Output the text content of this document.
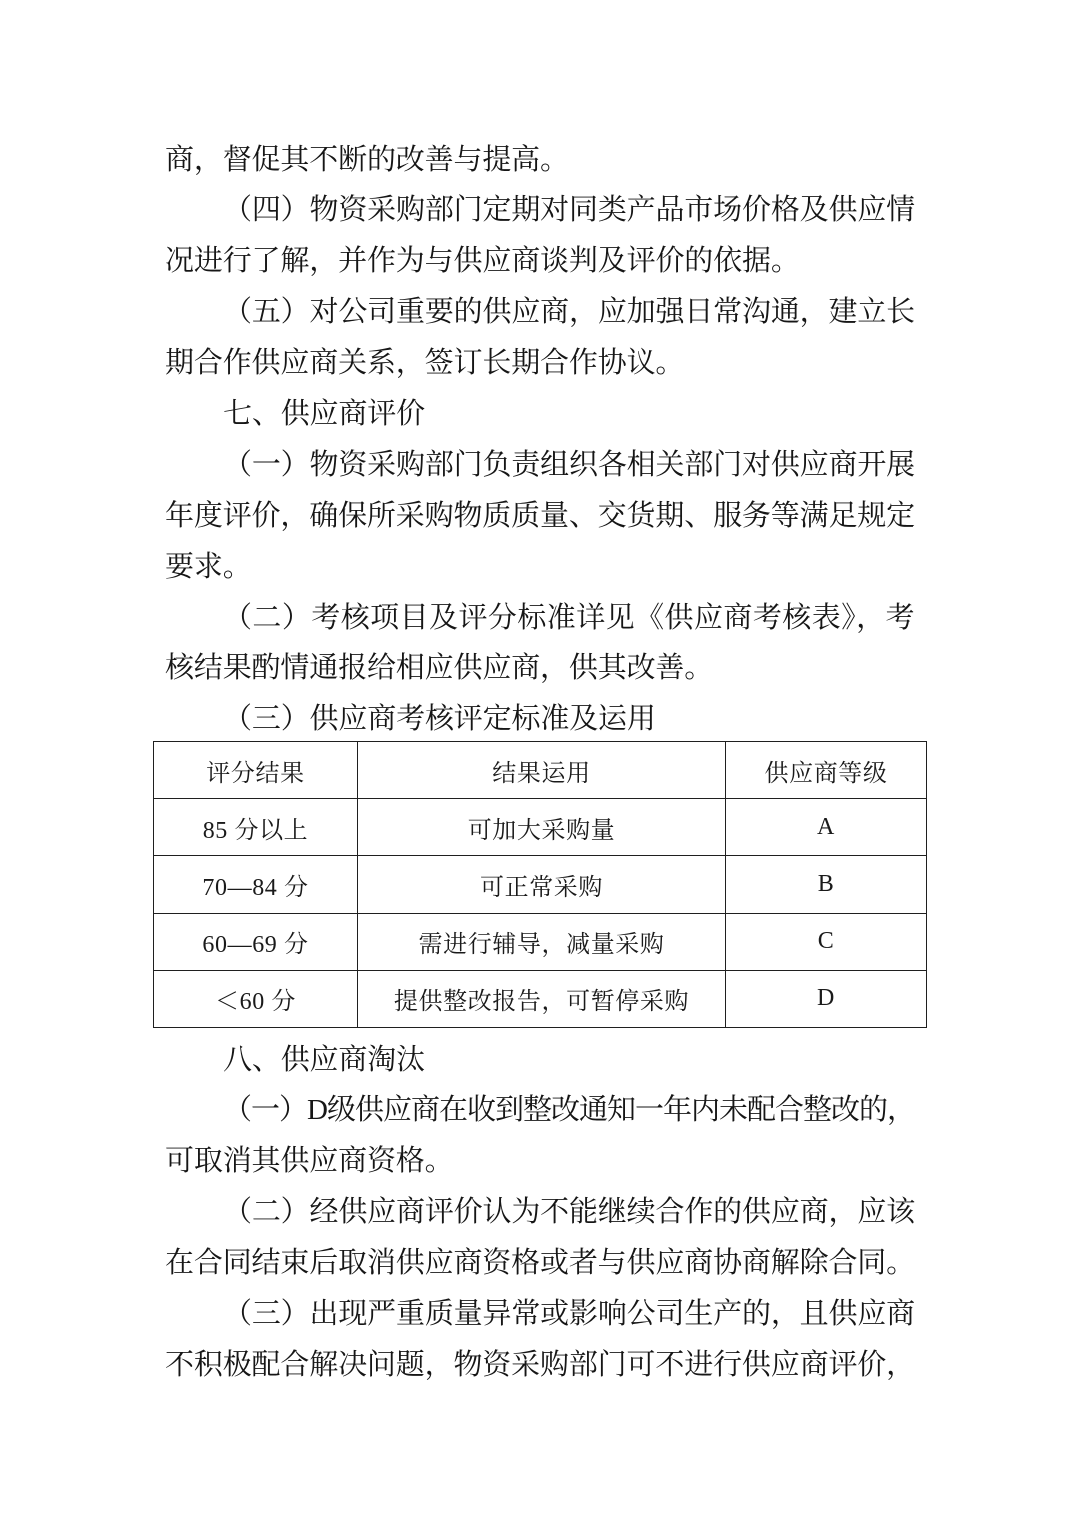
商，督促其不断的改善与提高。
（四）物资采购部门定期对同类产品市场价格及供应情
况进行了解，并作为与供应商谈判及评价的依据。
（五）对公司重要的供应商，应加强日常沟通，建立长
期合作供应商关系，签订长期合作协议。
七、供应商评价
（一）物资采购部门负责组织各相关部门对供应商开展
年度评价，确保所采购物质质量、交货期、服务等满足规定
要求。
（二）考核项目及评分标准详见《供应商考核表》，考
核结果酌情通报给相应供应商，供其改善。
（三）供应商考核评定标准及运用
评分结果	结果运用	供应商等级
85 分以上	可加大采购量	A
70—84 分	可正常采购	B
60—69 分	需进行辅导，减量采购	C
＜60 分	提供整改报告，可暂停采购	D
八、供应商淘汰
（一）D级供应商在收到整改通知一年内未配合整改的，
可取消其供应商资格。
（二）经供应商评价认为不能继续合作的供应商，应该
在合同结束后取消供应商资格或者与供应商协商解除合同。
（三）出现严重质量异常或影响公司生产的，且供应商
不积极配合解决问题，物资采购部门可不进行供应商评价，
